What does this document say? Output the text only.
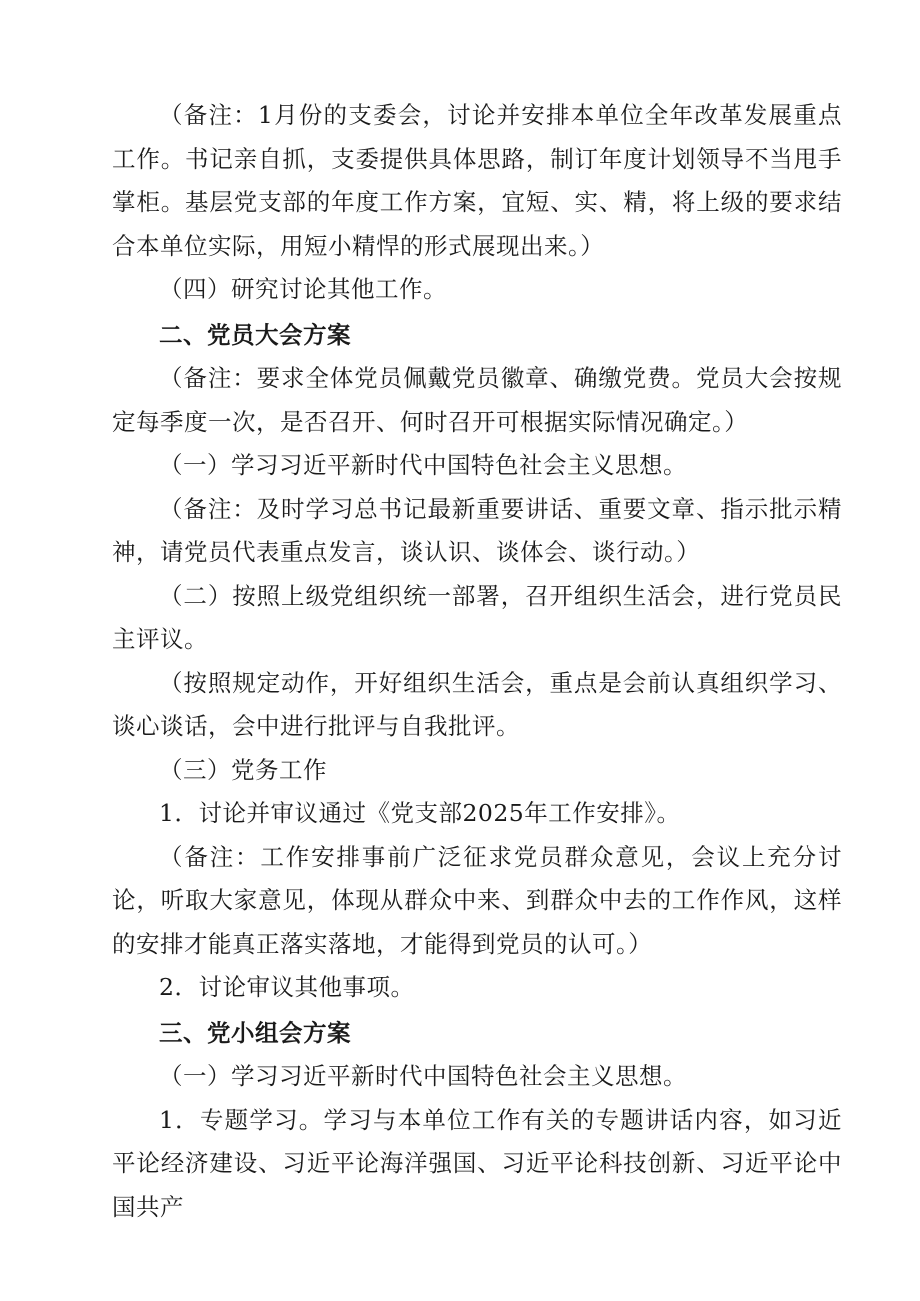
（备注：1月份的支委会，讨论并安排本单位全年改革发展重点工作。书记亲自抓，支委提供具体思路，制订年度计划领导不当甩手掌柜。基层党支部的年度工作方案，宜短、实、精，将上级的要求结合本单位实际，用短小精悍的形式展现出来。）

（四）研究讨论其他工作。

二、党员大会方案

（备注：要求全体党员佩戴党员徽章、确缴党费。党员大会按规定每季度一次，是否召开、何时召开可根据实际情况确定。）

（一）学习习近平新时代中国特色社会主义思想。

（备注：及时学习总书记最新重要讲话、重要文章、指示批示精神，请党员代表重点发言，谈认识、谈体会、谈行动。）

（二）按照上级党组织统一部署，召开组织生活会，进行党员民主评议。

（按照规定动作，开好组织生活会，重点是会前认真组织学习、谈心谈话，会中进行批评与自我批评。

（三）党务工作

1．讨论并审议通过《党支部2025年工作安排》。

（备注：工作安排事前广泛征求党员群众意见，会议上充分讨论，听取大家意见，体现从群众中来、到群众中去的工作作风，这样的安排才能真正落实落地，才能得到党员的认可。）

2．讨论审议其他事项。

三、党小组会方案

（一）学习习近平新时代中国特色社会主义思想。

1．专题学习。学习与本单位工作有关的专题讲话内容，如习近平论经济建设、习近平论海洋强国、习近平论科技创新、习近平论中国共产
